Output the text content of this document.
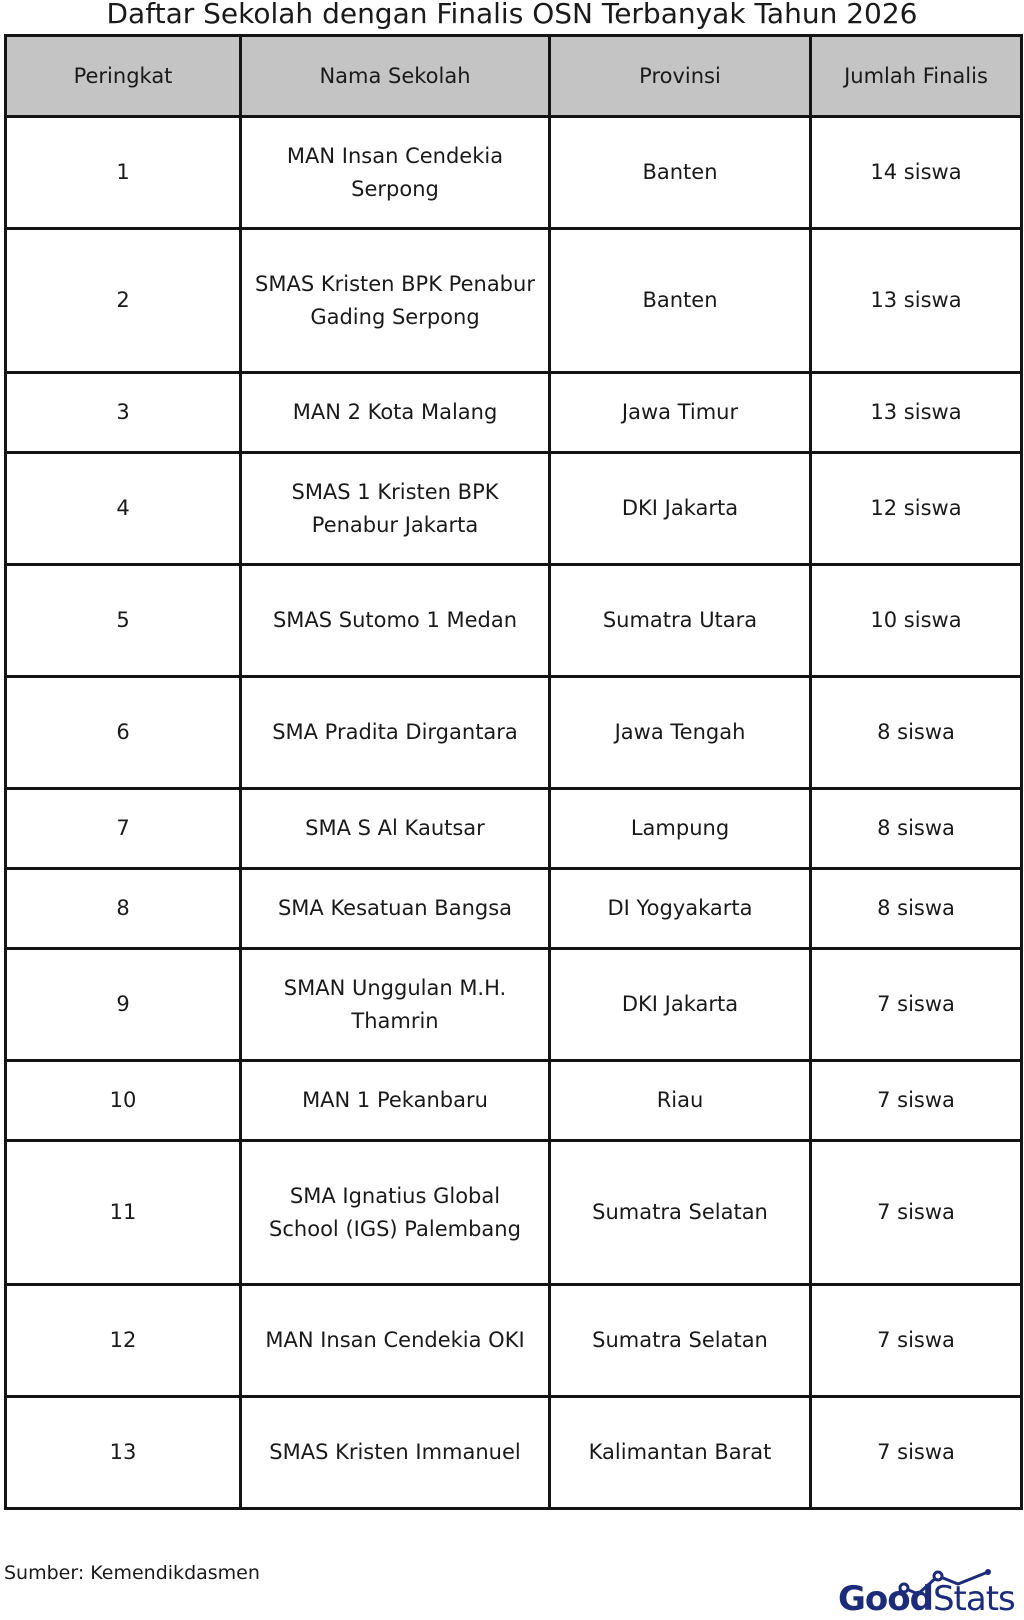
Daftar Sekolah dengan Finalis OSN Terbanyak Tahun 2026
Peringkat	Nama Sekolah	Provinsi	Jumlah Finalis
1	MAN Insan Cendekia Serpong	Banten	14 siswa
2	SMAS Kristen BPK Penabur Gading Serpong	Banten	13 siswa
3	MAN 2 Kota Malang	Jawa Timur	13 siswa
4	SMAS 1 Kristen BPK Penabur Jakarta	DKI Jakarta	12 siswa
5	SMAS Sutomo 1 Medan	Sumatra Utara	10 siswa
6	SMA Pradita Dirgantara	Jawa Tengah	8 siswa
7	SMA S Al Kautsar	Lampung	8 siswa
8	SMA Kesatuan Bangsa	DI Yogyakarta	8 siswa
9	SMAN Unggulan M.H. Thamrin	DKI Jakarta	7 siswa
10	MAN 1 Pekanbaru	Riau	7 siswa
11	SMA Ignatius Global School (IGS) Palembang	Sumatra Selatan	7 siswa
12	MAN Insan Cendekia OKI	Sumatra Selatan	7 siswa
13	SMAS Kristen Immanuel	Kalimantan Barat	7 siswa
Sumber: Kemendikdasmen
GoodStats
